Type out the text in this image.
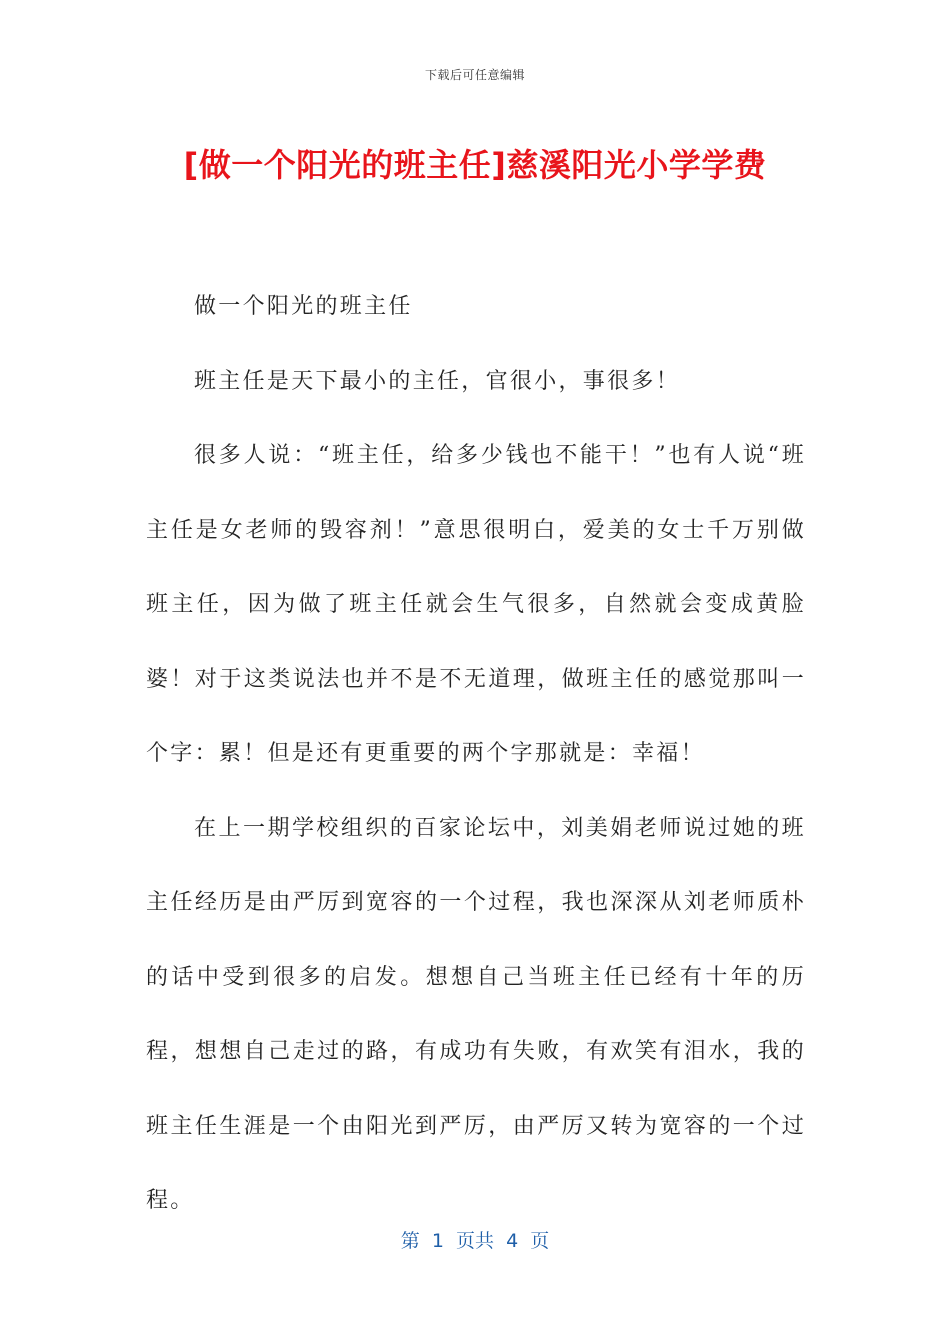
下载后可任意编辑
[做一个阳光的班主任]慈溪阳光小学学费

做一个阳光的班主任

班主任是天下最小的主任，官很小，事很多！

很多人说：“班主任，给多少钱也不能干！”也有人说“班主任是女老师的毁容剂！”意思很明白，爱美的女士千万别做班主任，因为做了班主任就会生气很多，自然就会变成黄脸婆！对于这类说法也并不是不无道理，做班主任的感觉那叫一个字：累！但是还有更重要的两个字那就是：幸福！

在上一期学校组织的百家论坛中，刘美娟老师说过她的班主任经历是由严厉到宽容的一个过程，我也深深从刘老师质朴的话中受到很多的启发。想想自己当班主任已经有十年的历程，想想自己走过的路，有成功有失败，有欢笑有泪水，我的班主任生涯是一个由阳光到严厉，由严厉又转为宽容的一个过程。

第  1  页共  4  页
